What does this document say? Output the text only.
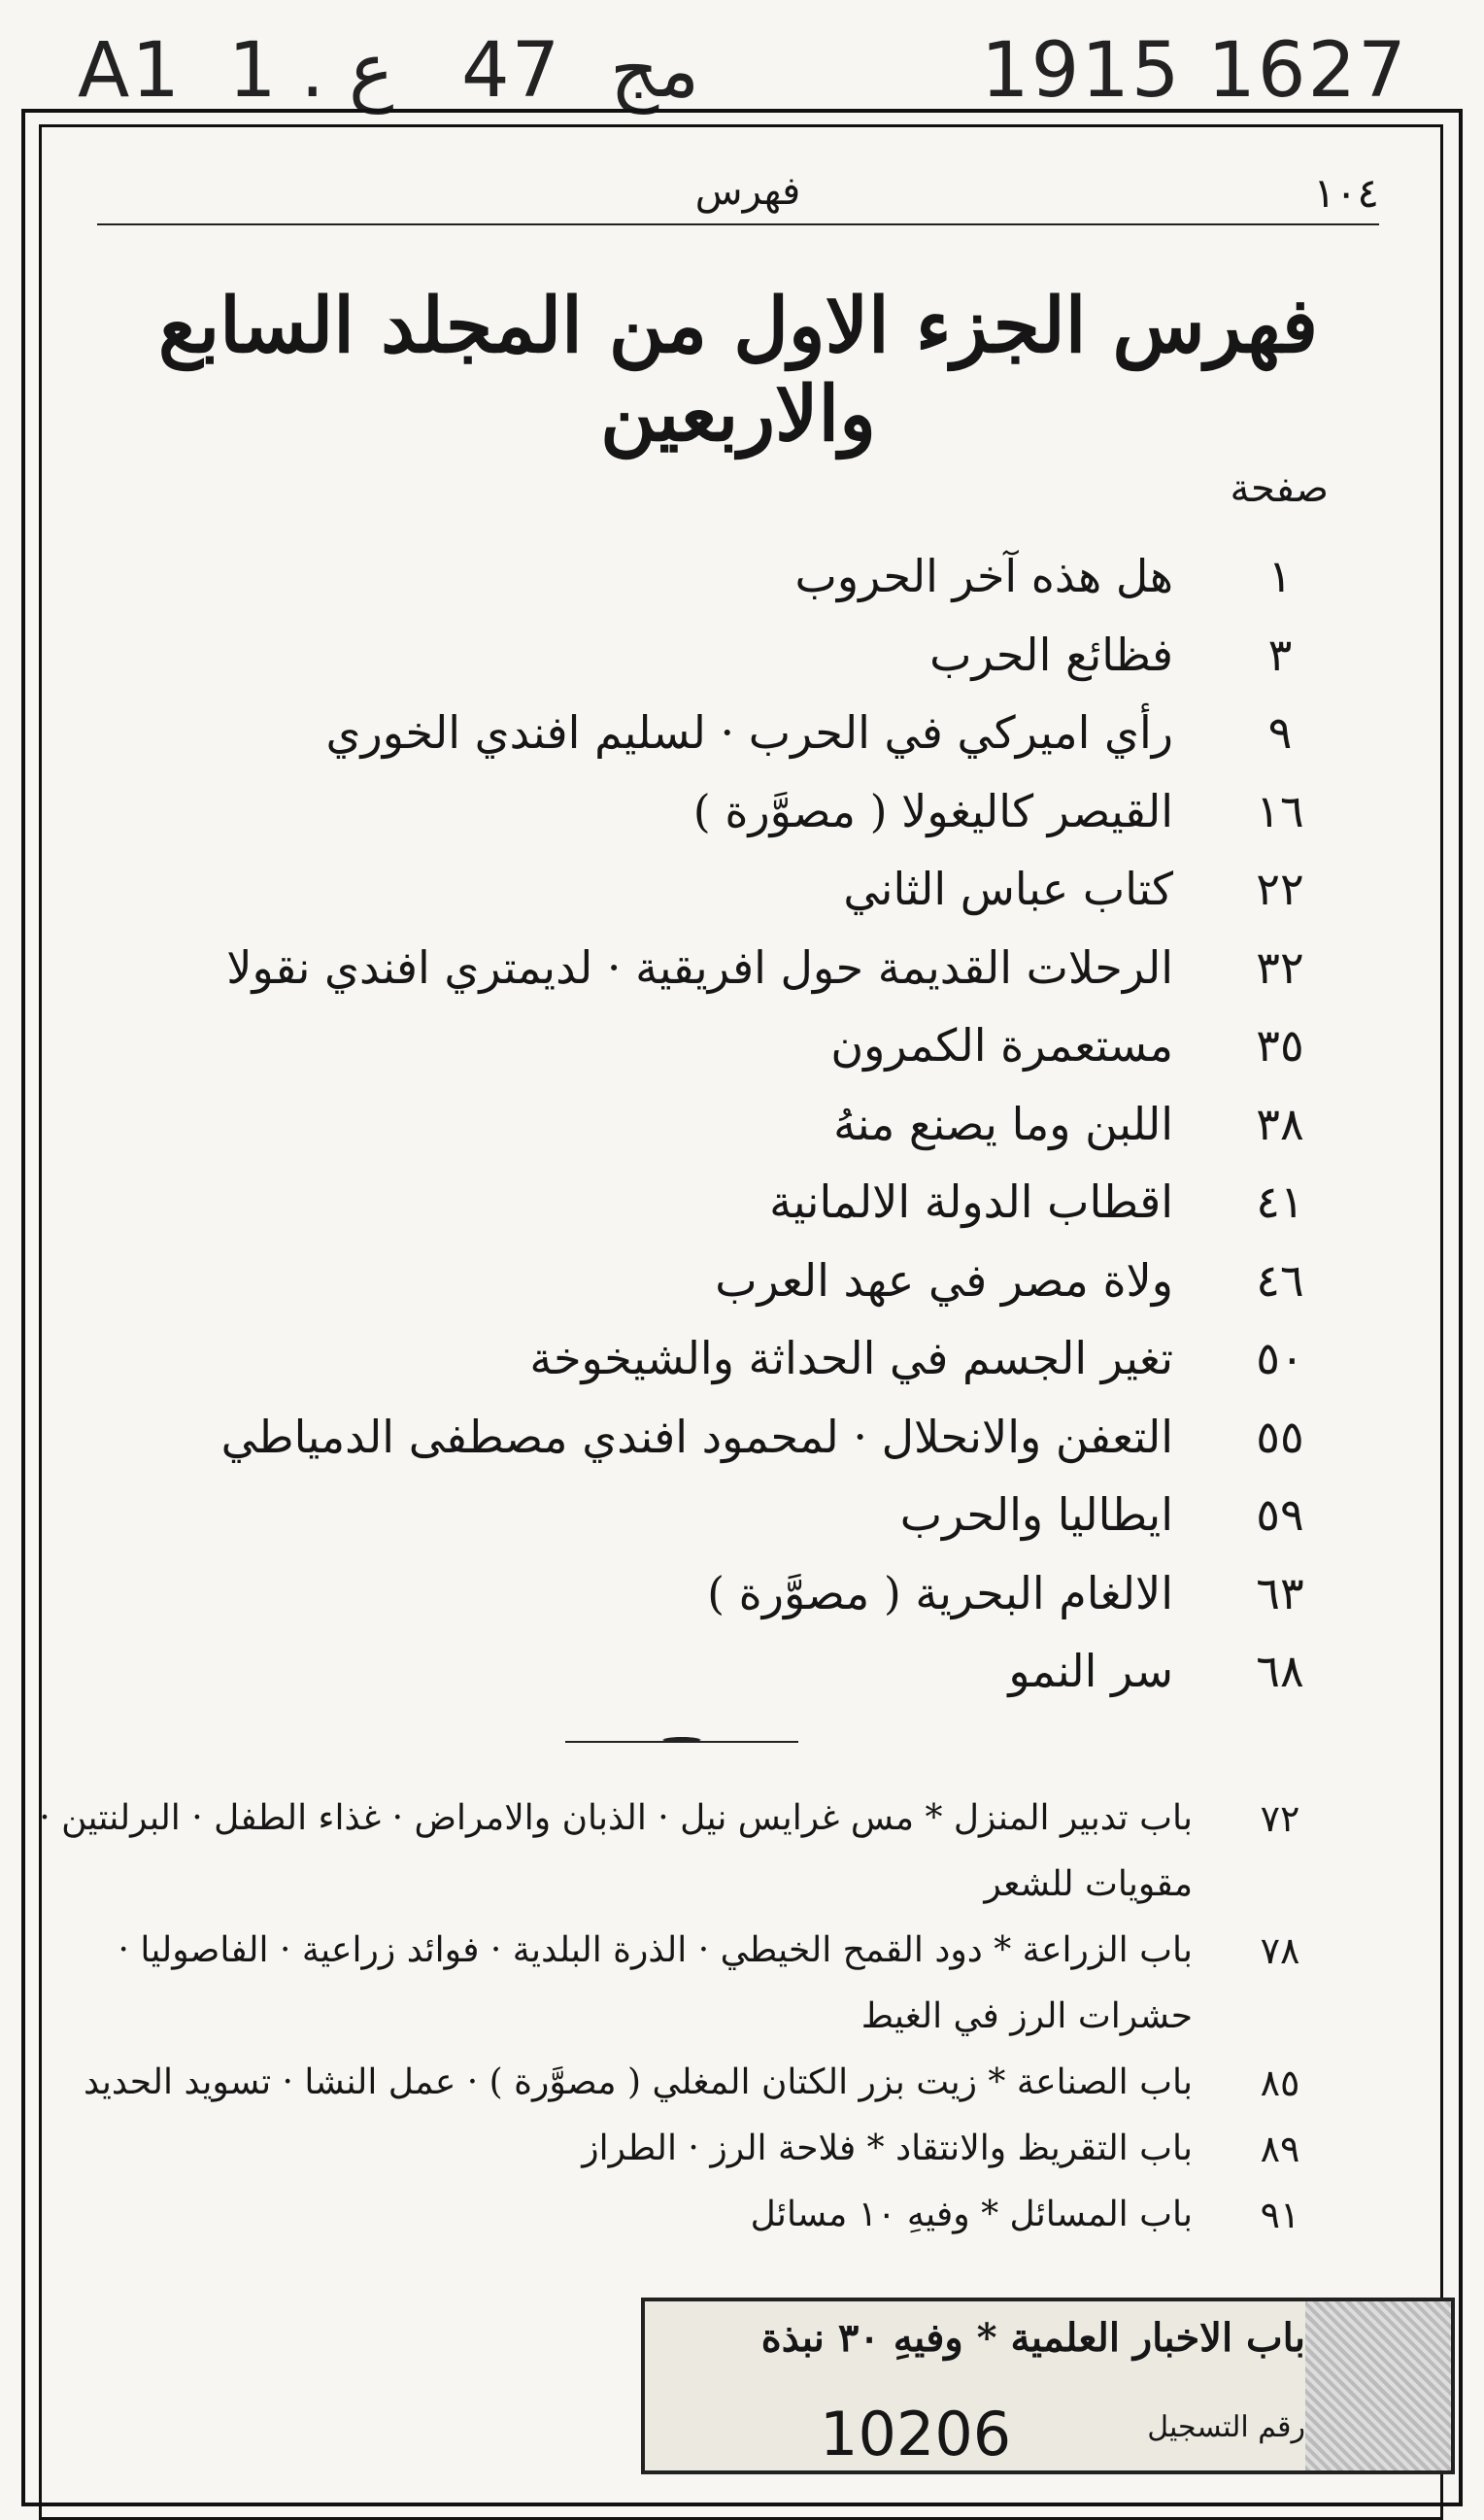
A1 1 . ع 47 مج	1915 1627
١٠٤
فهرس
فهرس الجزء الاول من المجلد السابع والاربعين
صفحة
١
هل هذه آخر الحروب
٣
فظائع الحرب
٩
رأي اميركي في الحرب · لسليم افندي الخوري
١٦
القيصر كاليغولا ( مصوَّرة )
٢٢
كتاب عباس الثاني
٣٢
الرحلات القديمة حول افريقية · لديمتري افندي نقولا
٣٥
مستعمرة الكمرون
٣٨
اللبن وما يصنع منهُ
٤١
اقطاب الدولة الالمانية
٤٦
ولاة مصر في عهد العرب
٥٠
تغير الجسم في الحداثة والشيخوخة
٥٥
التعفن والانحلال · لمحمود افندي مصطفى الدمياطي
٥٩
ايطاليا والحرب
٦٣
الالغام البحرية ( مصوَّرة )
٦٨
سر النمو
٧٢
باب تدبير المنزل * مس غرايس نيل · الذبان والامراض · غذاء الطفل · البرلنتين ·
مقويات للشعر
٧٨
باب الزراعة * دود القمح الخيطي · الذرة البلدية · فوائد زراعية · الفاصوليا ·
حشرات الرز في الغيط
٨٥
باب الصناعة * زيت بزر الكتان المغلي ( مصوَّرة ) · عمل النشا · تسويد الحديد
٨٩
باب التقريظ والانتقاد * فلاحة الرز · الطراز
٩١
باب المسائل * وفيهِ ١٠ مسائل
باب الاخبار العلمية * وفيهِ ٣٠ نبذة
رقم التسجيل
10206
